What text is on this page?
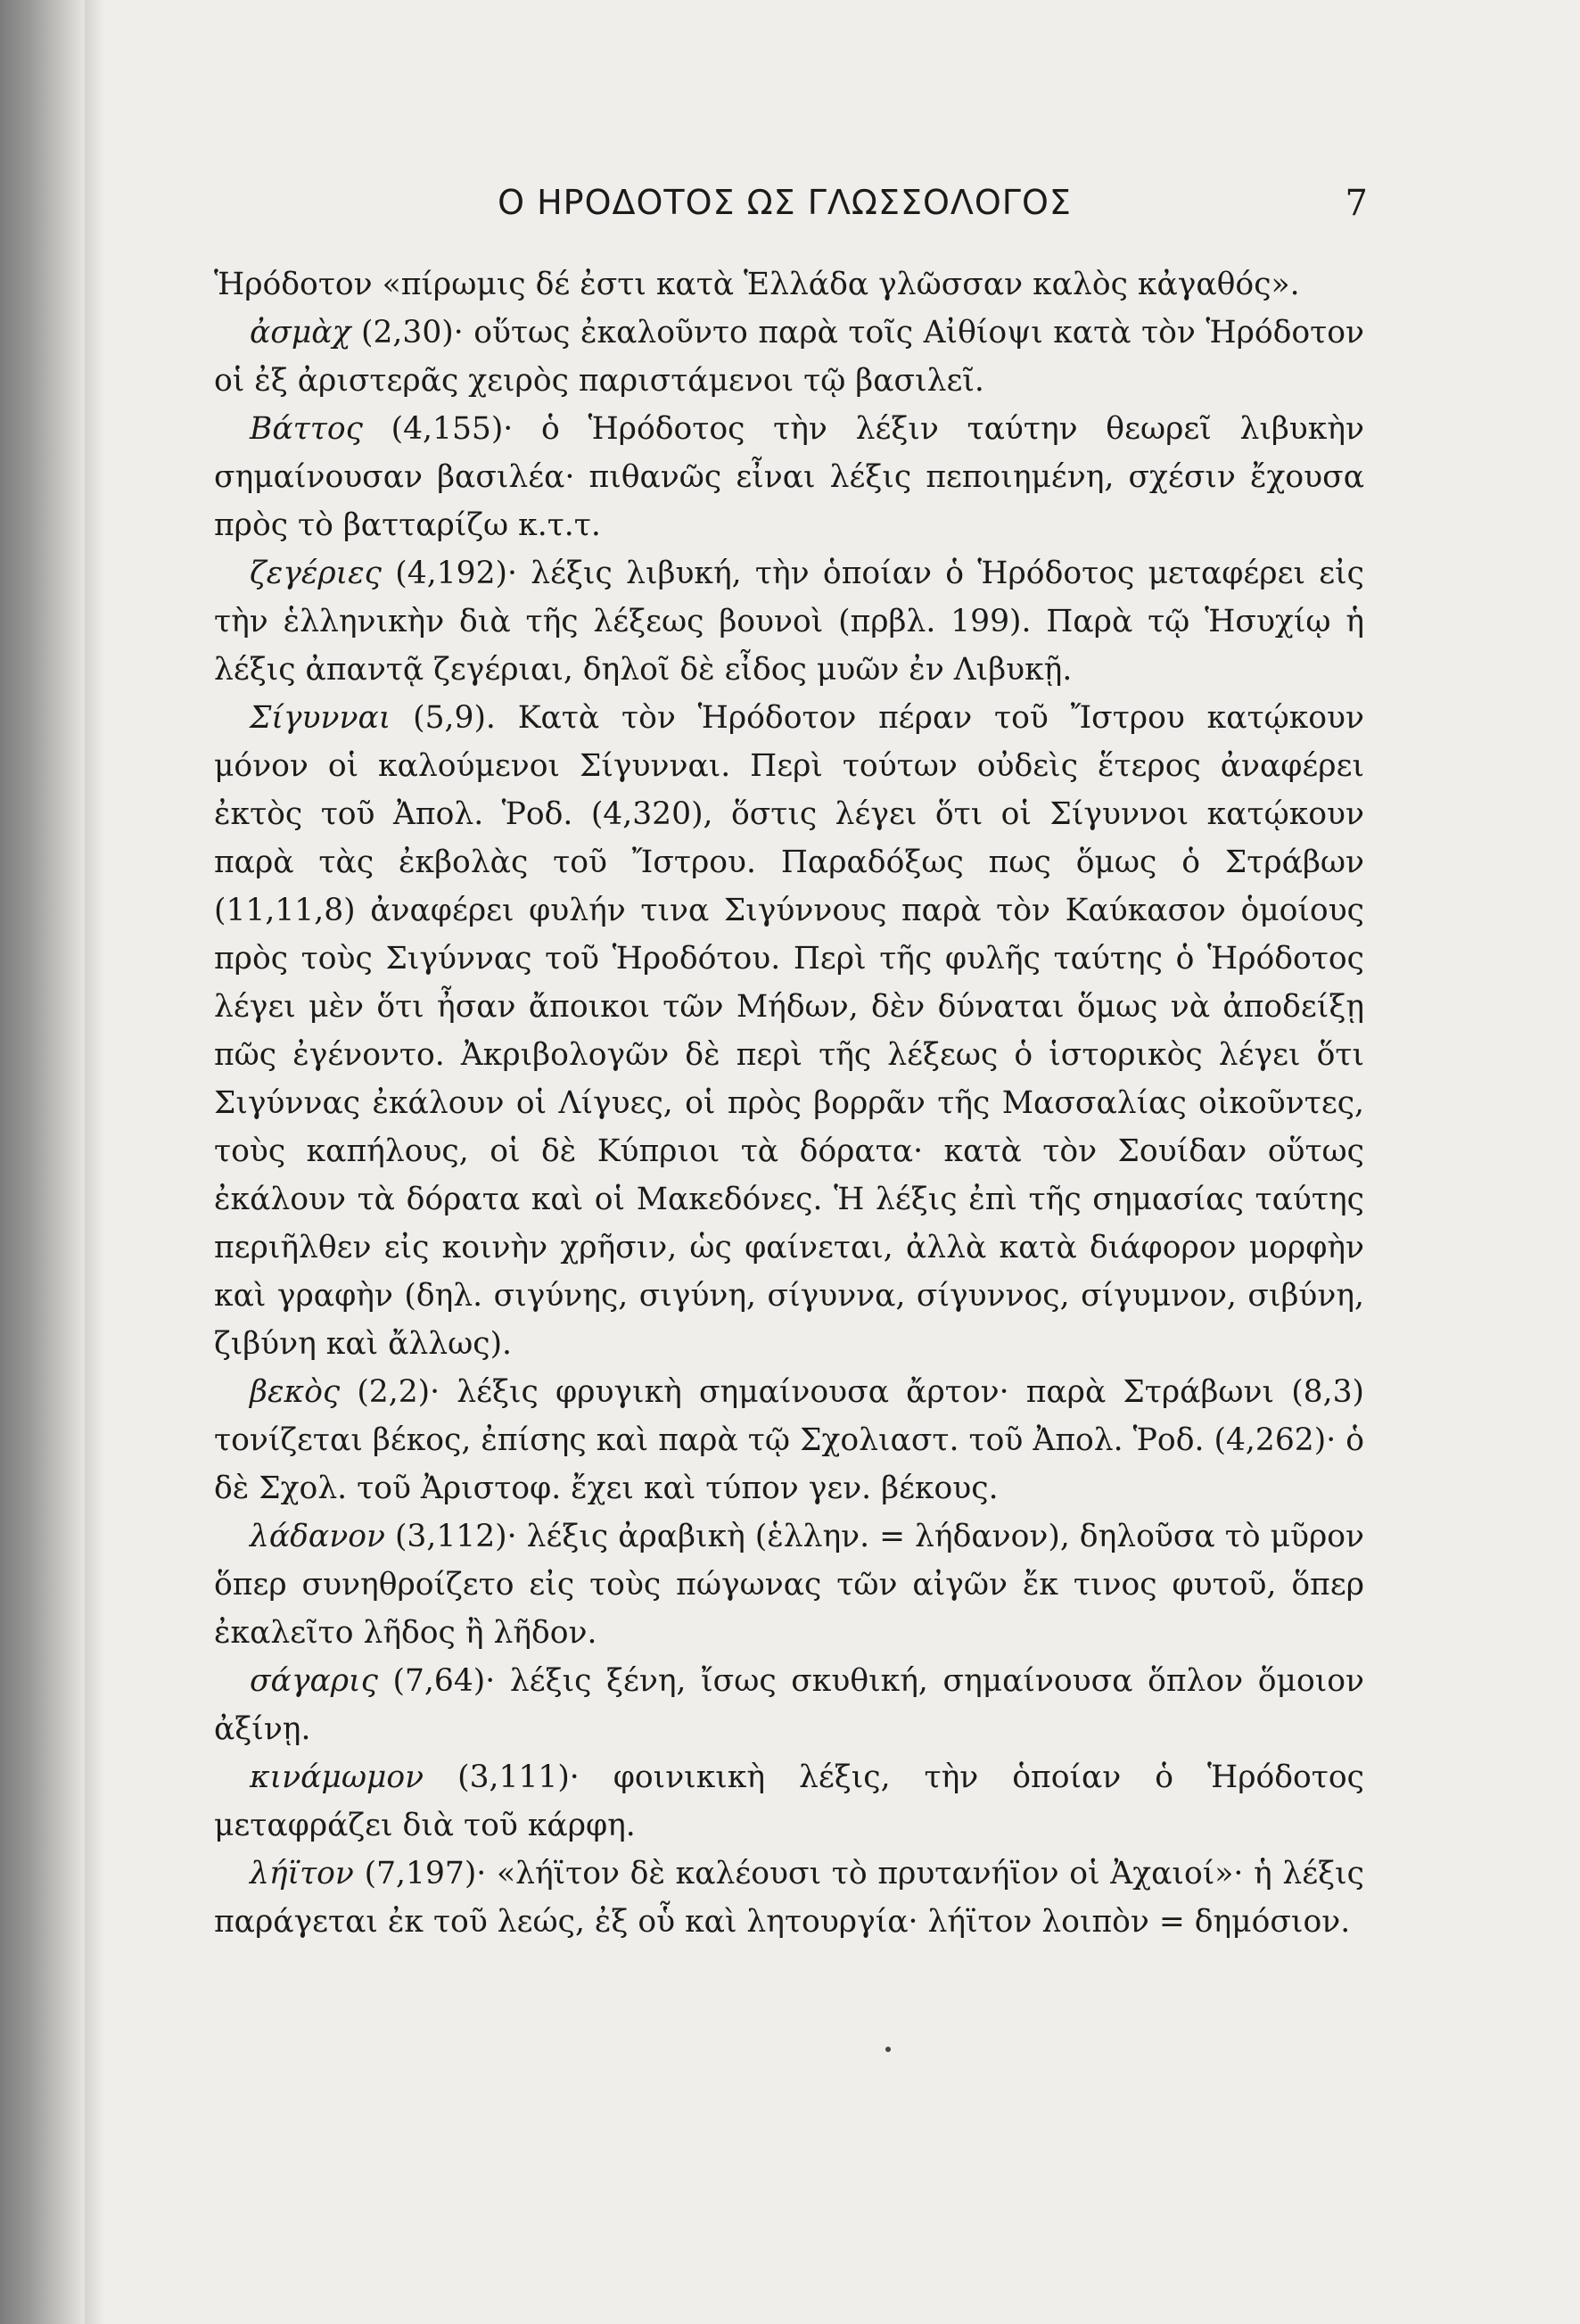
Ο ΗΡΟΔΟΤΟΣ ΩΣ ΓΛΩΣΣΟΛΟΓΟΣ	7

Ἡρόδοτον «πίρωμις δέ ἐστι κατὰ Ἑλλάδα γλῶσσαν καλὸς κἀγαθός».

ἀσμὰχ (2,30)· οὕτως ἐκαλοῦντο παρὰ τοῖς Αἰθίοψι κατὰ τὸν Ἡρόδοτον οἱ ἐξ ἀριστερᾶς χειρὸς παριστάμενοι τῷ βασιλεῖ.

Βάττος (4,155)· ὁ Ἡρόδοτος τὴν λέξιν ταύτην θεωρεῖ λιβυκὴν σημαίνουσαν βασιλέα· πιθανῶς εἶναι λέξις πεποιημένη, σχέσιν ἔχουσα πρὸς τὸ βατταρίζω κ.τ.τ.

ζεγέριες (4,192)· λέξις λιβυκή, τὴν ὁποίαν ὁ Ἡρόδοτος μεταφέρει εἰς τὴν ἑλληνικὴν διὰ τῆς λέξεως βουνοὶ (πρβλ. 199). Παρὰ τῷ Ἡσυχίῳ ἡ λέξις ἀπαντᾷ ζεγέριαι, δηλοῖ δὲ εἶδος μυῶν ἐν Λιβυκῇ.

Σίγυνναι (5,9). Κατὰ τὸν Ἡρόδοτον πέραν τοῦ Ἴστρου κατῴκουν μόνον οἱ καλούμενοι Σίγυνναι. Περὶ τούτων οὐδεὶς ἕτερος ἀναφέρει ἐκτὸς τοῦ Ἀπολ. Ῥοδ. (4,320), ὅστις λέγει ὅτι οἱ Σίγυννοι κατῴκουν παρὰ τὰς ἐκβολὰς τοῦ Ἴστρου. Παραδόξως πως ὅμως ὁ Στράβων (11,11,8) ἀναφέρει φυλήν τινα Σιγύννους παρὰ τὸν Καύκασον ὁμοίους πρὸς τοὺς Σιγύννας τοῦ Ἡροδότου. Περὶ τῆς φυλῆς ταύτης ὁ Ἡρόδοτος λέγει μὲν ὅτι ἦσαν ἄποικοι τῶν Μήδων, δὲν δύναται ὅμως νὰ ἀποδείξῃ πῶς ἐγένοντο. Ἀκριβολογῶν δὲ περὶ τῆς λέξεως ὁ ἱστορικὸς λέγει ὅτι Σιγύννας ἐκάλουν οἱ Λίγυες, οἱ πρὸς βορρᾶν τῆς Μασσαλίας οἰκοῦντες, τοὺς καπήλους, οἱ δὲ Κύπριοι τὰ δόρατα· κατὰ τὸν Σουίδαν οὕτως ἐκάλουν τὰ δόρατα καὶ οἱ Μακεδόνες. Ἡ λέξις ἐπὶ τῆς σημασίας ταύτης περιῆλθεν εἰς κοινὴν χρῆσιν, ὡς φαίνεται, ἀλλὰ κατὰ διάφορον μορφὴν καὶ γραφὴν (δηλ. σιγύνης, σιγύνη, σίγυννα, σίγυννος, σίγυμνον, σιβύνη, ζιβύνη καὶ ἄλλως).

βεκὸς (2,2)· λέξις φρυγικὴ σημαίνουσα ἄρτον· παρὰ Στράβωνι (8,3) τονίζεται βέκος, ἐπίσης καὶ παρὰ τῷ Σχολιαστ. τοῦ Ἀπολ. Ῥοδ. (4,262)· ὁ δὲ Σχολ. τοῦ Ἀριστοφ. ἔχει καὶ τύπον γεν. βέκους.

λάδανον (3,112)· λέξις ἀραβικὴ (ἑλλην. = λήδανον), δηλοῦσα τὸ μῦρον ὅπερ συνηθροίζετο εἰς τοὺς πώγωνας τῶν αἰγῶν ἔκ τινος φυτοῦ, ὅπερ ἐκαλεῖτο λῆδος ἢ λῆδον.

σάγαρις (7,64)· λέξις ξένη, ἴσως σκυθική, σημαίνουσα ὅπλον ὅμοιον ἀξίνῃ.

κινάμωμον (3,111)· φοινικικὴ λέξις, τὴν ὁποίαν ὁ Ἡρόδοτος μεταφράζει διὰ τοῦ κάρφη.

λήϊτον (7,197)· «λήϊτον δὲ καλέουσι τὸ πρυτανήϊον οἱ Ἀχαιοί»· ἡ λέξις παράγεται ἐκ τοῦ λεώς, ἐξ οὗ καὶ λητουργία· λήϊτον λοιπὸν = δημόσιον.
